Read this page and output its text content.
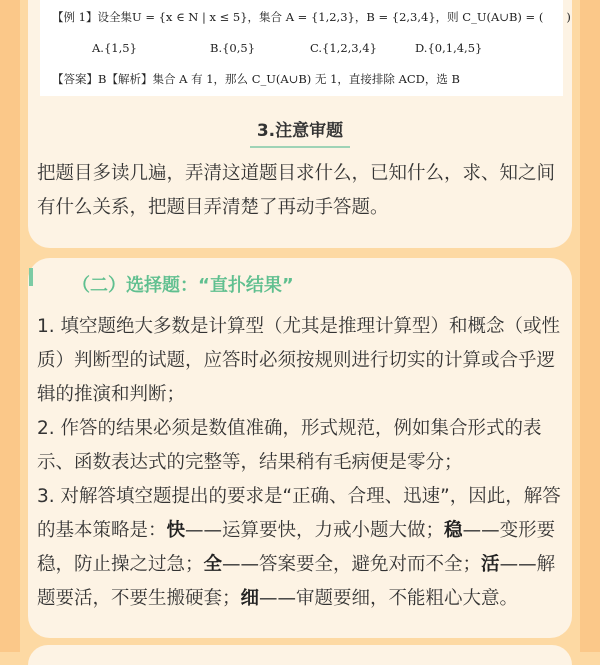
【例 1】设全集U = {x ∈ N | x ≤ 5}，集合 A = {1,2,3}，B = {2,3,4}，则 C_U(A∪B) = (　　)
A.{1,5}	B.{0,5}	C.{1,2,3,4}	D.{0,1,4,5}
【答案】B【解析】集合 A 有 1，那么 C_U(A∪B) 无 1，直接排除 ACD，选 B
3.注意审题
把题目多读几遍，弄清这道题目求什么，已知什么，求、知之间有什么关系，把题目弄清楚了再动手答题。
（二）选择题：“直扑结果”
1. 填空题绝大多数是计算型（尤其是推理计算型）和概念（或性质）判断型的试题，应答时必须按规则进行切实的计算或合乎逻辑的推演和判断；
2. 作答的结果必须是数值准确，形式规范，例如集合形式的表示、函数表达式的完整等，结果稍有毛病便是零分；
3. 对解答填空题提出的要求是“正确、合理、迅速”，因此，解答的基本策略是：快——运算要快，力戒小题大做；稳——变形要稳，防止操之过急；全——答案要全，避免对而不全；活——解题要活，不要生搬硬套；细——审题要细，不能粗心大意。
